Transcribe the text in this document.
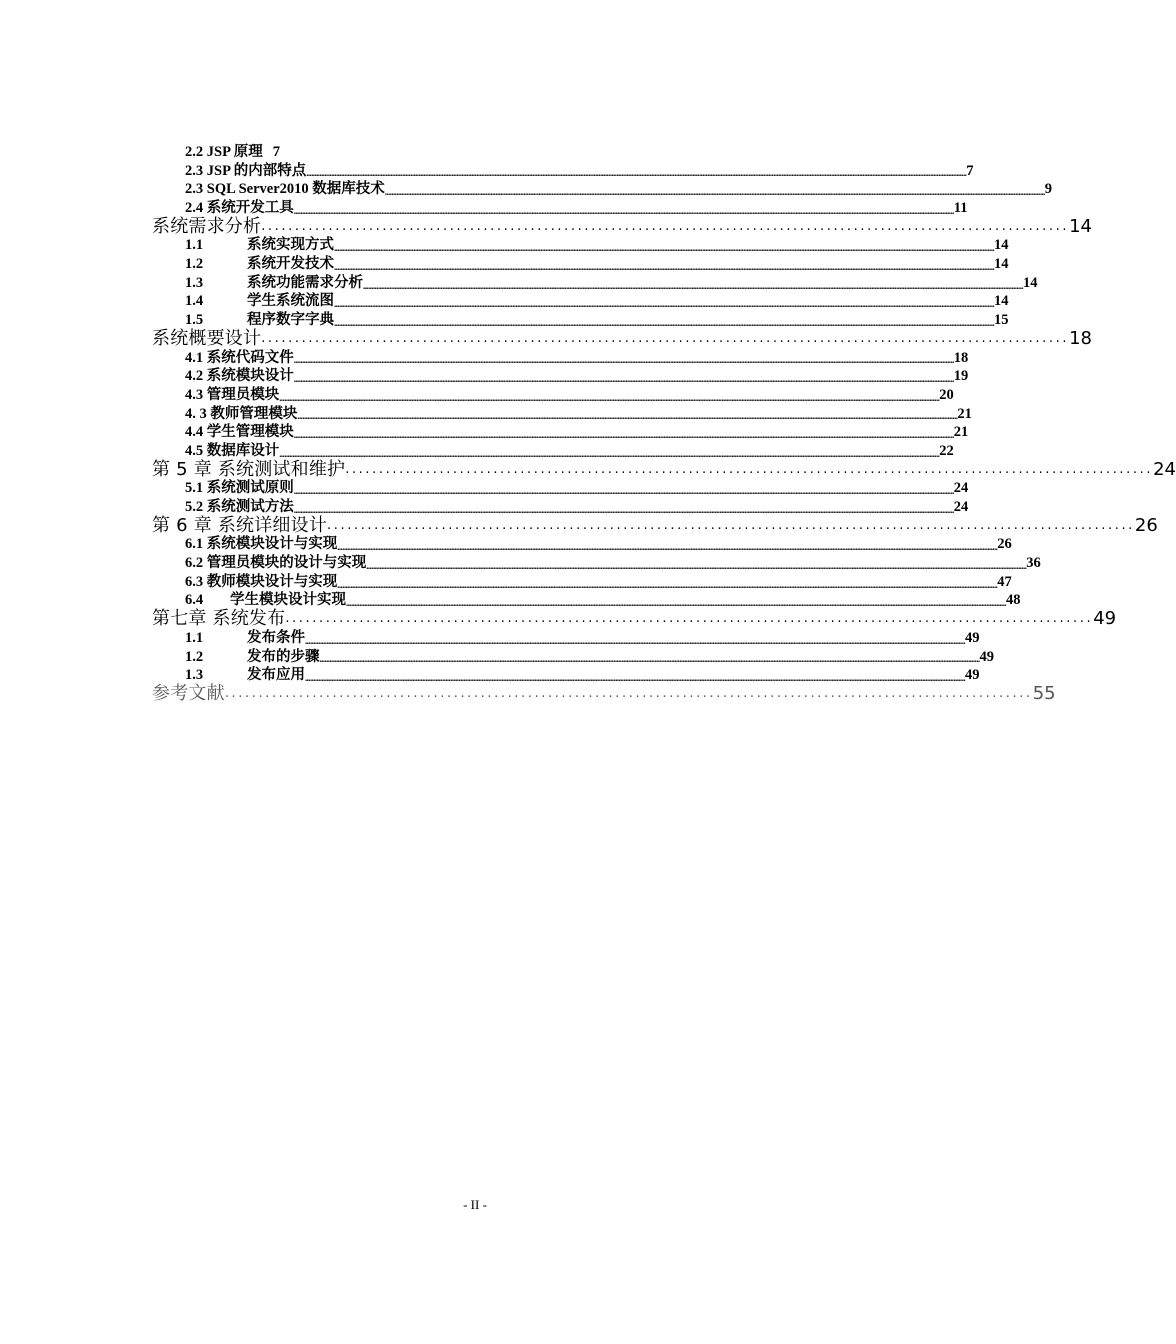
2.2 JSP 原理 7
2.3 JSP 的内部特点 ................................................................................................................................................................................................................................................................................................................................................................................................................ 7
2.3 SQL Server2010 数据库技术 ................................................................................................................................................................................................................................................................................................................................................................................................................ 9
2.4 系统开发工具 ................................................................................................................................................................................................................................................................................................................................................................................................................ 11
系统需求分析 ........................................................................................................................ 14
1.1	系统实现方式 ................................................................................................................................................................................................................................................................................................................................................................................................................ 14
1.2	系统开发技术 ................................................................................................................................................................................................................................................................................................................................................................................................................ 14
1.3	系统功能需求分析 ................................................................................................................................................................................................................................................................................................................................................................................................................ 14
1.4	学生系统流图 ................................................................................................................................................................................................................................................................................................................................................................................................................ 14
1.5	程序数字字典 ................................................................................................................................................................................................................................................................................................................................................................................................................ 15
系统概要设计 ........................................................................................................................ 18
4.1 系统代码文件 ................................................................................................................................................................................................................................................................................................................................................................................................................ 18
4.2 系统模块设计 ................................................................................................................................................................................................................................................................................................................................................................................................................ 19
4.3 管理员模块 ................................................................................................................................................................................................................................................................................................................................................................................................................ 20
4. 3 教师管理模块 ................................................................................................................................................................................................................................................................................................................................................................................................................ 21
4.4 学生管理模块 ................................................................................................................................................................................................................................................................................................................................................................................................................ 21
4.5 数据库设计 ................................................................................................................................................................................................................................................................................................................................................................................................................ 22
第 5 章 系统测试和维护 ........................................................................................................................ 24
5.1 系统测试原则 ................................................................................................................................................................................................................................................................................................................................................................................................................ 24
5.2 系统测试方法 ................................................................................................................................................................................................................................................................................................................................................................................................................ 24
第 6 章 系统详细设计 ........................................................................................................................ 26
6.1 系统模块设计与实现 ................................................................................................................................................................................................................................................................................................................................................................................................................ 26
6.2 管理员模块的设计与实现 ................................................................................................................................................................................................................................................................................................................................................................................................................ 36
6.3 教师模块设计与实现 ................................................................................................................................................................................................................................................................................................................................................................................................................ 47
6.4 学生模块设计实现 ................................................................................................................................................................................................................................................................................................................................................................................................................ 48
第七章 系统发布 ........................................................................................................................ 49
1.1	发布条件 ................................................................................................................................................................................................................................................................................................................................................................................................................ 49
1.2	发布的步骤 ................................................................................................................................................................................................................................................................................................................................................................................................................ 49
1.3	发布应用 ................................................................................................................................................................................................................................................................................................................................................................................................................ 49
参考文献 ........................................................................................................................ 55
- II -
